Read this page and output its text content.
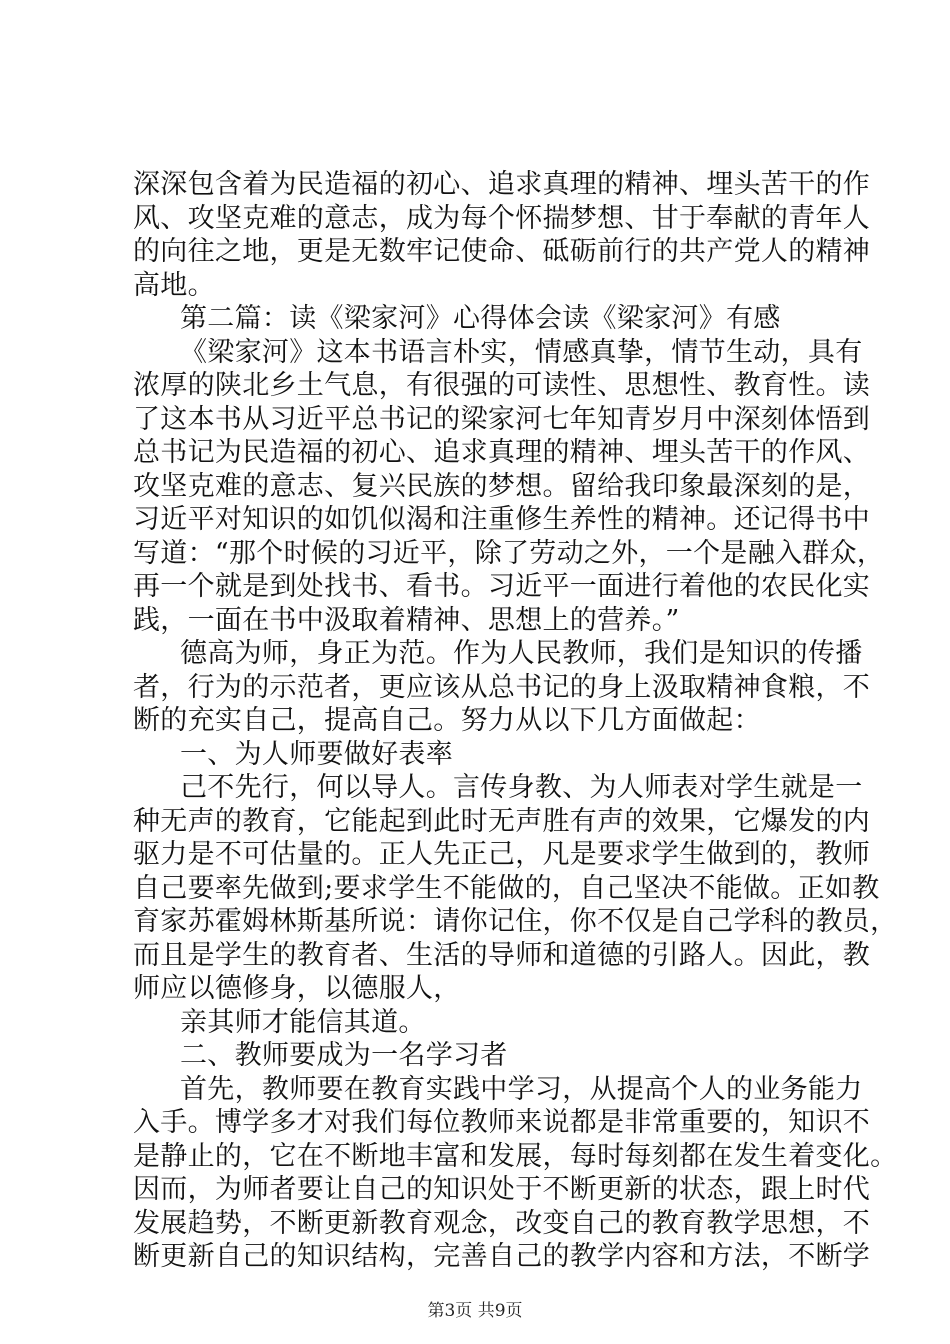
深深包含着为民造福的初心、追求真理的精神、埋头苦干的作
风、攻坚克难的意志，成为每个怀揣梦想、甘于奉献的青年人
的向往之地，更是无数牢记使命、砥砺前行的共产党人的精神
高地。
第二篇：读《梁家河》心得体会读《梁家河》有感
《梁家河》这本书语言朴实，情感真挚，情节生动，具有
浓厚的陕北乡土气息，有很强的可读性、思想性、教育性。读
了这本书从习近平总书记的梁家河七年知青岁月中深刻体悟到
总书记为民造福的初心、追求真理的精神、埋头苦干的作风、
攻坚克难的意志、复兴民族的梦想。留给我印象最深刻的是，
习近平对知识的如饥似渴和注重修生养性的精神。还记得书中
写道：“那个时候的习近平，除了劳动之外，一个是融入群众，
再一个就是到处找书、看书。习近平一面进行着他的农民化实
践，一面在书中汲取着精神、思想上的营养。”
德高为师，身正为范。作为人民教师，我们是知识的传播
者，行为的示范者，更应该从总书记的身上汲取精神食粮，不
断的充实自己，提高自己。努力从以下几方面做起：
一、为人师要做好表率
己不先行，何以导人。言传身教、为人师表对学生就是一
种无声的教育，它能起到此时无声胜有声的效果，它爆发的内
驱力是不可估量的。正人先正己，凡是要求学生做到的，教师
自己要率先做到;要求学生不能做的，自己坚决不能做。正如教
育家苏霍姆林斯基所说：请你记住，你不仅是自己学科的教员，
而且是学生的教育者、生活的导师和道德的引路人。因此，教
师应以德修身，以德服人，
亲其师才能信其道。
二、教师要成为一名学习者
首先，教师要在教育实践中学习，从提高个人的业务能力
入手。博学多才对我们每位教师来说都是非常重要的，知识不
是静止的，它在不断地丰富和发展，每时每刻都在发生着变化。
因而，为师者要让自己的知识处于不断更新的状态，跟上时代
发展趋势，不断更新教育观念，改变自己的教育教学思想，不
断更新自己的知识结构，完善自己的教学内容和方法，不断学
第3页 共9页
